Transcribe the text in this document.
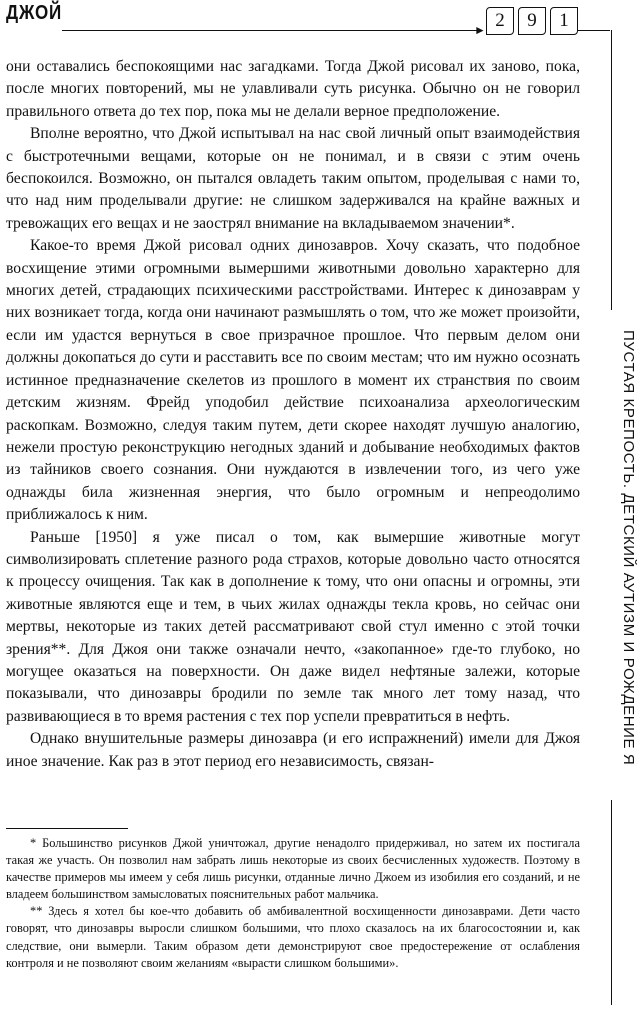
ДЖОЙ
► 2	9	1
ПУСТАЯ КРЕПОСТЬ. ДЕТСКИЙ АУТИЗМ И РОЖДЕНИЕ Я

они оставались беспокоящими нас загадками. Тогда Джой рисовал их заново, пока, после многих повторений, мы не улавливали суть рисунка. Обычно он не говорил правильного ответа до тех пор, пока мы не делали верное предположение.

Вполне вероятно, что Джой испытывал на нас свой личный опыт взаимодействия с быстротечными вещами, которые он не понимал, и в связи с этим очень беспокоился. Возможно, он пытался овладеть таким опытом, проделывая с нами то, что над ним проделывали другие: не слишком задерживался на крайне важных и тревожащих его вещах и не заострял внимание на вкладываемом значении*.

Какое-то время Джой рисовал одних динозавров. Хочу сказать, что подобное восхищение этими огромными вымершими животными довольно характерно для многих детей, страдающих психическими расстройствами. Интерес к динозаврам у них возникает тогда, когда они начинают размышлять о том, что же может произойти, если им удастся вернуться в свое призрачное прошлое. Что первым делом они должны докопаться до сути и расставить все по своим местам; что им нужно осознать истинное предназначение скелетов из прошлого в момент их странствия по своим детским жизням. Фрейд уподобил действие психоанализа археологическим раскопкам. Возможно, следуя таким путем, дети скорее находят лучшую аналогию, нежели простую реконструкцию негодных зданий и добывание необходимых фактов из тайников своего сознания. Они нуждаются в извлечении того, из чего уже однажды била жизненная энергия, что было огромным и непреодолимо приближалось к ним.

Раньше [1950] я уже писал о том, как вымершие животные могут символизировать сплетение разного рода страхов, которые довольно часто относятся к процессу очищения. Так как в дополнение к тому, что они опасны и огромны, эти животные являются еще и тем, в чьих жилах однажды текла кровь, но сейчас они мертвы, некоторые из таких детей рассматривают свой стул именно с этой точки зрения**. Для Джоя они также означали нечто, «закопанное» где-то глубоко, но могущее оказаться на поверхности. Он даже видел нефтяные залежи, которые показывали, что динозавры бродили по земле так много лет тому назад, что развивающиеся в то время растения с тех пор успели превратиться в нефть.

Однако внушительные размеры динозавра (и его испражнений) имели для Джоя иное значение. Как раз в этот период его независимость, связан-

* Большинство рисунков Джой уничтожал, другие ненадолго придерживал, но затем их постигала такая же участь. Он позволил нам забрать лишь некоторые из своих бесчисленных художеств. Поэтому в качестве примеров мы имеем у себя лишь рисунки, отданные лично Джоем из изобилия его созданий, и не владеем большинством замысловатых пояснительных работ мальчика.

** Здесь я хотел бы кое-что добавить об амбивалентной восхищенности динозаврами. Дети часто говорят, что динозавры выросли слишком большими, что плохо сказалось на их благосостоянии и, как следствие, они вымерли. Таким образом дети демонстрируют свое предостережение от ослабления контроля и не позволяют своим желаниям «вырасти слишком большими».
